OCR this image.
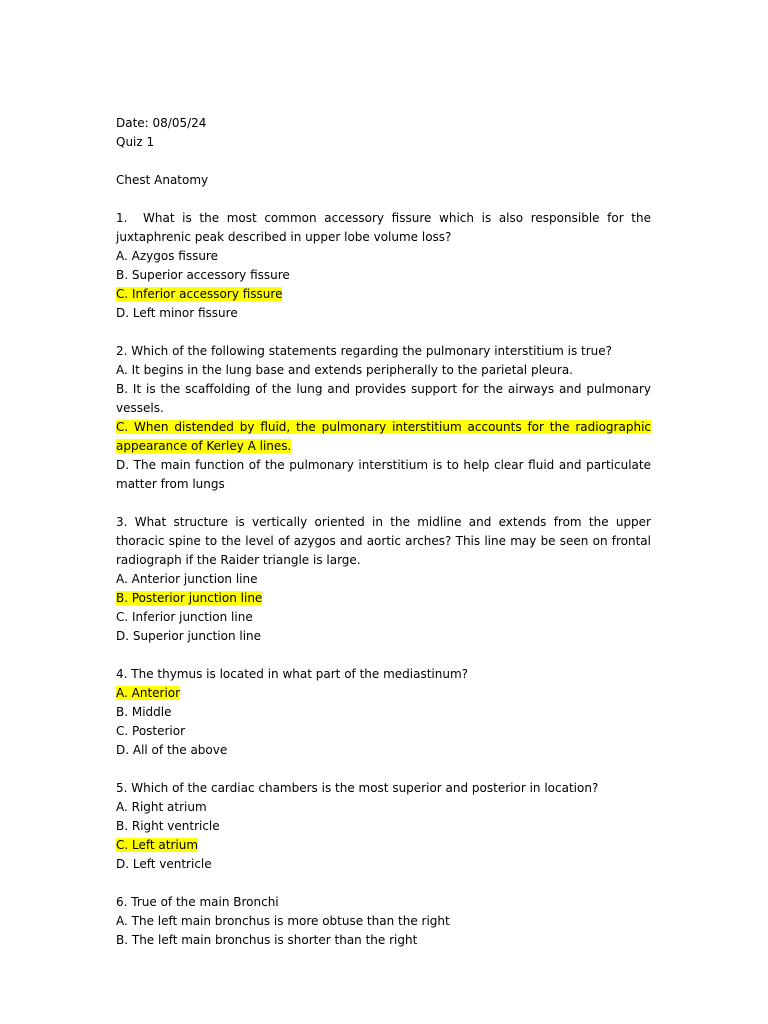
Date: 08/05/24
Quiz 1
Chest Anatomy
1. What is the most common accessory fissure which is also responsible for the juxtaphrenic peak described in upper lobe volume loss?
A. Azygos fissure
B. Superior accessory fissure
C. Inferior accessory fissure
D. Left minor fissure
2. Which of the following statements regarding the pulmonary interstitium is true?
A. It begins in the lung base and extends peripherally to the parietal pleura.
B. It is the scaffolding of the lung and provides support for the airways and pulmonary vessels.
C. When distended by fluid, the pulmonary interstitium accounts for the radiographic appearance of Kerley A lines.
D. The main function of the pulmonary interstitium is to help clear fluid and particulate matter from lungs
3. What structure is vertically oriented in the midline and extends from the upper thoracic spine to the level of azygos and aortic arches? This line may be seen on frontal radiograph if the Raider triangle is large.
A. Anterior junction line
B. Posterior junction line
C. Inferior junction line
D. Superior junction line
4. The thymus is located in what part of the mediastinum?
A. Anterior
B. Middle
C. Posterior
D. All of the above
5. Which of the cardiac chambers is the most superior and posterior in location?
A. Right atrium
B. Right ventricle
C. Left atrium
D. Left ventricle
6. True of the main Bronchi
A. The left main bronchus is more obtuse than the right
B. The left main bronchus is shorter than the right
